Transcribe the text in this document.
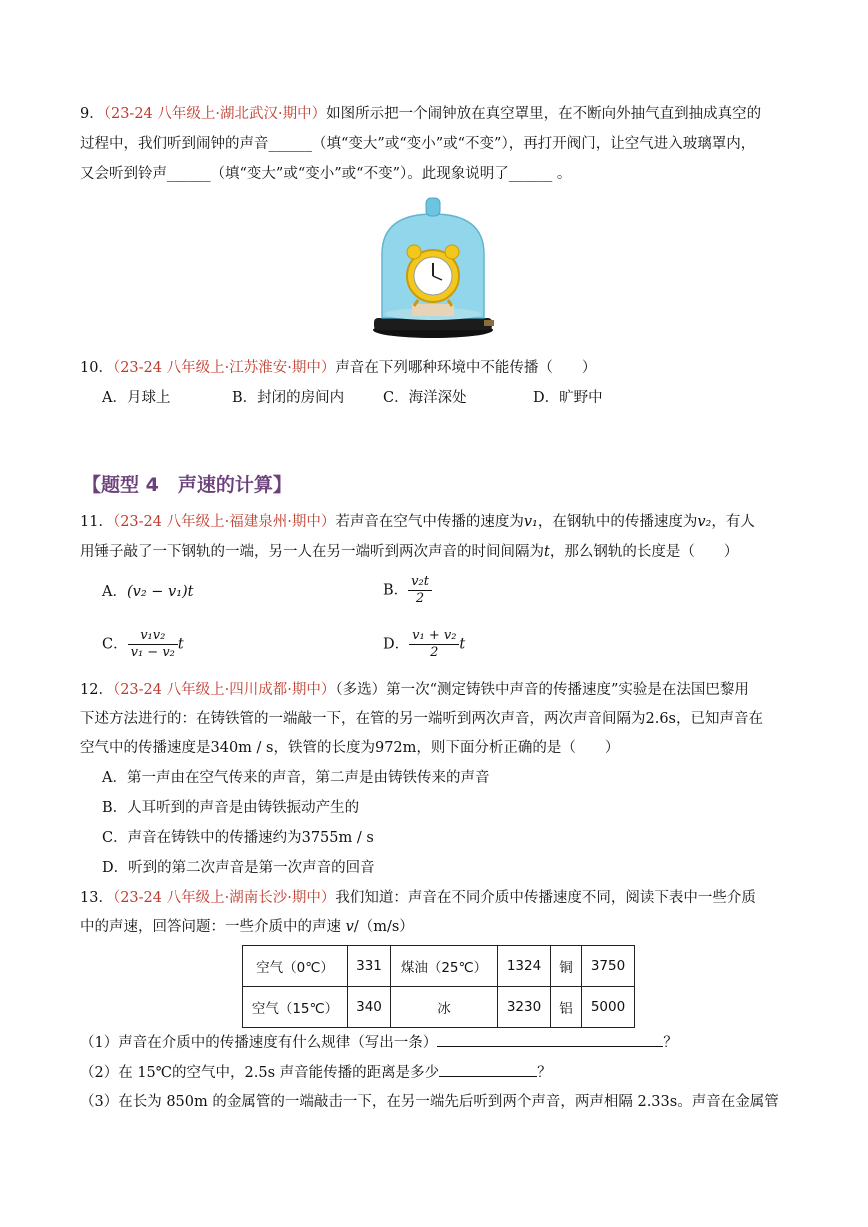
9．（23-24 八年级上·湖北武汉·期中）如图所示把一个闹钟放在真空罩里，在不断向外抽气直到抽成真空的
过程中，我们听到闹钟的声音______（填“变大”或“变小”或“不变”），再打开阀门，让空气进入玻璃罩内，
又会听到铃声______（填“变大”或“变小”或“不变”）。此现象说明了______ 。
10．（23-24 八年级上·江苏淮安·期中）声音在下列哪种环境中不能传播（　　）
A．月球上	B．封闭的房间内	C．海洋深处	D．旷野中
【题型 4　声速的计算】
11．（23-24 八年级上·福建泉州·期中）若声音在空气中传播的速度为v₁，在钢轨中的传播速度为v₂，有人
用锤子敲了一下钢轨的一端，另一人在另一端听到两次声音的时间间隔为t，那么钢轨的长度是（　　）
A．(v₂ − v₁)t	B． $\frac{\text{v₂t}}{2}$
C． $\frac{\text{v₁v₂}}{\text{v₁ − v₂}}$ t	D． $\frac{\text{v₁ + v₂}}{2}$ t
12．（23-24 八年级上·四川成都·期中）（多选）第一次“测定铸铁中声音的传播速度”实验是在法国巴黎用
下述方法进行的：在铸铁管的一端敲一下，在管的另一端听到两次声音，两次声音间隔为2.6s，已知声音在
空气中的传播速度是340m / s，铁管的长度为972m，则下面分析正确的是（　　）
A．第一声由在空气传来的声音，第二声是由铸铁传来的声音
B．人耳听到的声音是由铸铁振动产生的
C．声音在铸铁中的传播速约为3755m / s
D．听到的第二次声音是第一次声音的回音
13．（23-24 八年级上·湖南长沙·期中）我们知道：声音在不同介质中传播速度不同，阅读下表中一些介质
中的声速，回答问题：一些介质中的声速 v/（m/s）
空气（0℃）	331	煤油（25℃）	1324	铜	3750
空气（15℃）	340	冰	3230	铝	5000
（1）声音在介质中的传播速度有什么规律（写出一条）	？
（2）在 15℃的空气中，2.5s 声音能传播的距离是多少	？
（3）在长为 850m 的金属管的一端敲击一下，在另一端先后听到两个声音，两声相隔 2.33s。声音在金属管
